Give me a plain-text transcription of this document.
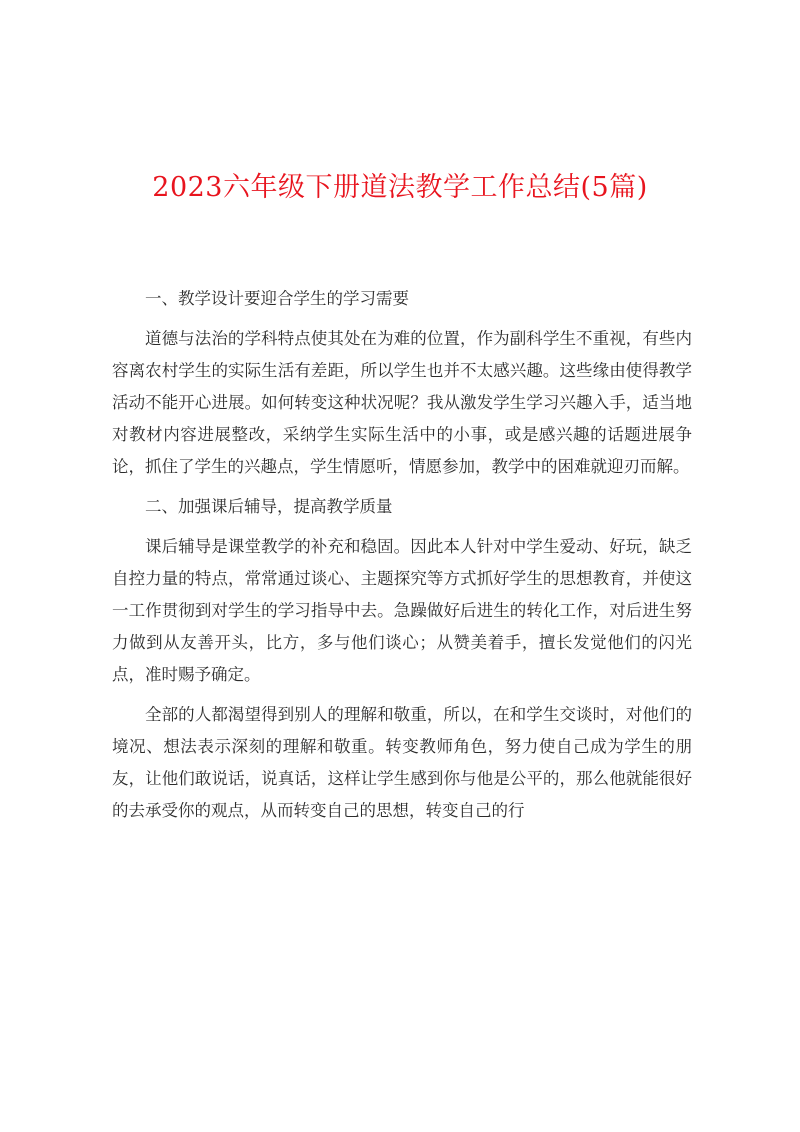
2023六年级下册道法教学工作总结(5篇)

一、教学设计要迎合学生的学习需要

道德与法治的学科特点使其处在为难的位置，作为副科学生不重视，有些内容离农村学生的实际生活有差距，所以学生也并不太感兴趣。这些缘由使得教学活动不能开心进展。如何转变这种状况呢？我从激发学生学习兴趣入手，适当地对教材内容进展整改，采纳学生实际生活中的小事，或是感兴趣的话题进展争论，抓住了学生的兴趣点，学生情愿听，情愿参加，教学中的困难就迎刃而解。

二、加强课后辅导，提高教学质量

课后辅导是课堂教学的补充和稳固。因此本人针对中学生爱动、好玩，缺乏自控力量的特点，常常通过谈心、主题探究等方式抓好学生的思想教育，并使这一工作贯彻到对学生的学习指导中去。急躁做好后进生的转化工作，对后进生努力做到从友善开头，比方，多与他们谈心；从赞美着手，擅长发觉他们的闪光点，准时赐予确定。

全部的人都渴望得到别人的理解和敬重，所以，在和学生交谈时，对他们的境况、想法表示深刻的理解和敬重。转变教师角色，努力使自己成为学生的朋友，让他们敢说话，说真话，这样让学生感到你与他是公平的，那么他就能很好的去承受你的观点，从而转变自己的思想，转变自己的行
